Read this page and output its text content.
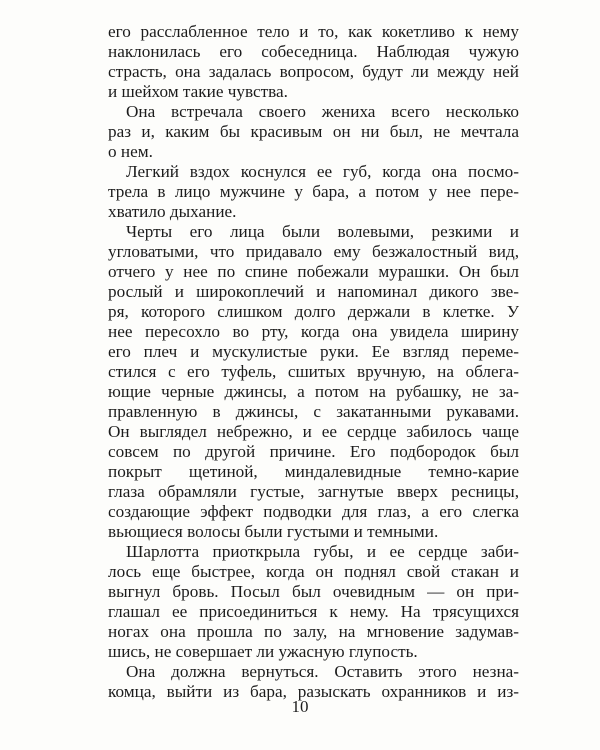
его расслабленное тело и то, как кокетливо к нему
наклонилась его собеседница. Наблюдая чужую
страсть, она задалась вопросом, будут ли между ней
и шейхом такие чувства.
Она встречала своего жениха всего несколько
раз и, каким бы красивым он ни был, не мечтала
о нем.
Легкий вздох коснулся ее губ, когда она посмо-
трела в лицо мужчине у бара, а потом у нее пере-
хватило дыхание.
Черты его лица были волевыми, резкими и
угловатыми, что придавало ему безжалостный вид,
отчего у нее по спине побежали мурашки. Он был
рослый и широкоплечий и напоминал дикого зве-
ря, которого слишком долго держали в клетке. У
нее пересохло во рту, когда она увидела ширину
его плеч и мускулистые руки. Ее взгляд переме-
стился с его туфель, сшитых вручную, на облега-
ющие черные джинсы, а потом на рубашку, не за-
правленную в джинсы, с закатанными рукавами.
Он выглядел небрежно, и ее сердце забилось чаще
совсем по другой причине. Его подбородок был
покрыт щетиной, миндалевидные темно-карие
глаза обрамляли густые, загнутые вверх ресницы,
создающие эффект подводки для глаз, а его слегка
вьющиеся волосы были густыми и темными.
Шарлотта приоткрыла губы, и ее сердце заби-
лось еще быстрее, когда он поднял свой стакан и
выгнул бровь. Посыл был очевидным — он при-
глашал ее присоединиться к нему. На трясущихся
ногах она прошла по залу, на мгновение задумав-
шись, не совершает ли ужасную глупость.
Она должна вернуться. Оставить этого незна-
комца, выйти из бара, разыскать охранников и из-
10
